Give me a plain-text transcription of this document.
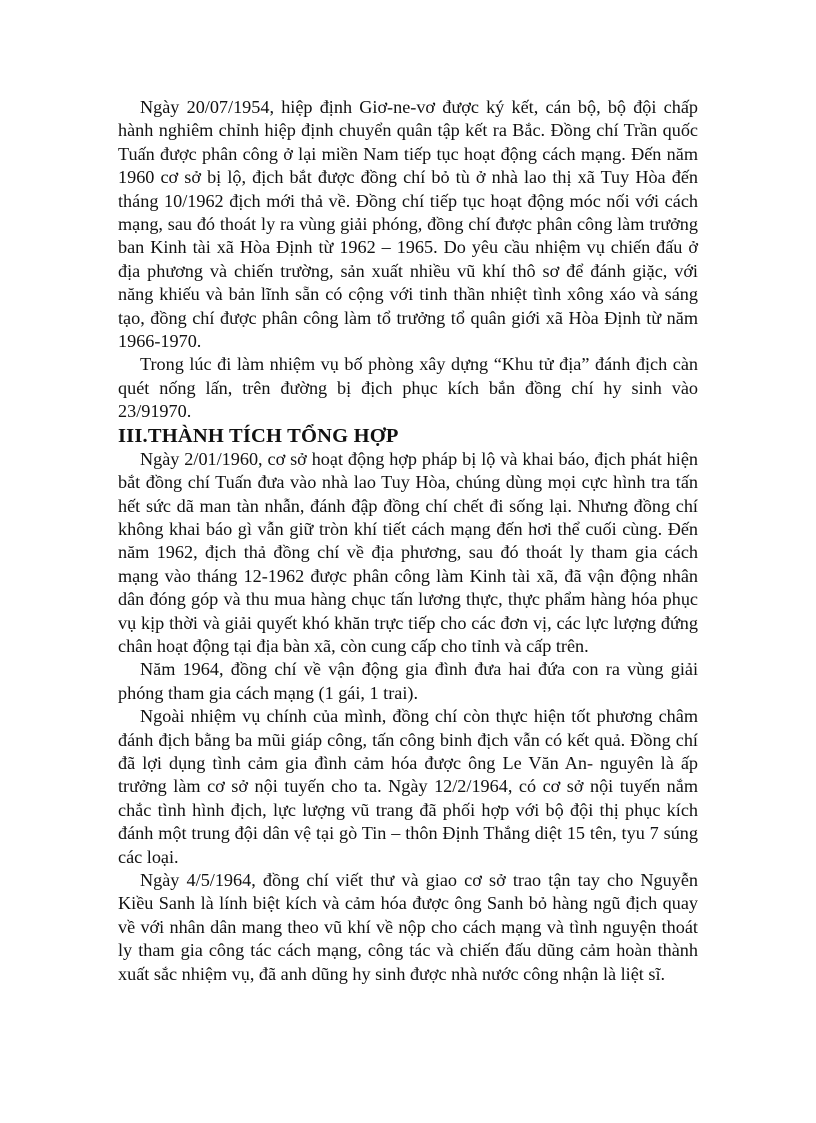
Ngày 20/07/1954, hiệp định Giơ-ne-vơ được ký kết, cán bộ, bộ đội chấp hành nghiêm chỉnh hiệp định chuyển quân tập kết ra Bắc. Đồng chí Trần quốc Tuấn được phân công ở lại miền Nam tiếp tục hoạt động cách mạng. Đến năm 1960 cơ sở bị lộ, địch bắt được đồng chí bỏ tù ở nhà lao thị xã Tuy Hòa đến tháng 10/1962 địch mới thả về. Đồng chí tiếp tục hoạt động móc nối với cách mạng, sau đó thoát ly ra vùng giải phóng, đồng chí được phân công làm trưởng ban Kinh tài xã Hòa Định từ 1962 – 1965. Do yêu cầu nhiệm vụ chiến đấu ở địa phương và chiến trường, sản xuất nhiều vũ khí thô sơ để đánh giặc, với năng khiếu và bản lĩnh sẵn có cộng với tinh thần nhiệt tình xông xáo và sáng tạo, đồng chí được phân công làm tổ trưởng tổ quân giới xã Hòa Định từ năm 1966-1970.

Trong lúc đi làm nhiệm vụ bố phòng xây dựng “Khu tử địa” đánh địch càn quét nống lấn, trên đường bị địch phục kích bắn đồng chí hy sinh vào 23/91970.

III.THÀNH TÍCH TỔNG HỢP

Ngày 2/01/1960, cơ sở hoạt động hợp pháp bị lộ và khai báo, địch phát hiện bắt đồng chí Tuấn đưa vào nhà lao Tuy Hòa, chúng dùng mọi cực hình tra tấn hết sức dã man tàn nhẫn, đánh đập đồng chí chết đi sống lại. Nhưng đồng chí không khai báo gì vẫn giữ tròn khí tiết cách mạng đến hơi thể cuối cùng. Đến năm 1962, địch thả đồng chí về địa phương, sau đó thoát ly tham gia cách mạng vào tháng 12-1962 được phân công làm Kinh tài xã, đã vận động nhân dân đóng góp và thu mua hàng chục tấn lương thực, thực phẩm hàng hóa phục vụ kịp thời và giải quyết khó khăn trực tiếp cho các đơn vị, các lực lượng đứng chân hoạt động tại địa bàn xã, còn cung cấp cho tỉnh và cấp trên.

Năm 1964, đồng chí về vận động gia đình đưa hai đứa con ra vùng giải phóng tham gia cách mạng (1 gái, 1 trai).

Ngoài nhiệm vụ chính của mình, đồng chí còn thực hiện tốt phương châm đánh địch bằng ba mũi giáp công, tấn công binh địch vẫn có kết quả. Đồng chí đã lợi dụng tình cảm gia đình cảm hóa được ông Le Văn An- nguyên là ấp trưởng làm cơ sở nội tuyến cho ta. Ngày 12/2/1964, có cơ sở nội tuyến nắm chắc tình hình địch, lực lượng vũ trang đã phối hợp với bộ đội thị phục kích đánh một trung đội dân vệ tại gò Tin – thôn Định Thắng diệt 15 tên, tyu 7 súng các loại.

Ngày 4/5/1964, đồng chí viết thư và giao cơ sở trao tận tay cho Nguyễn Kiều Sanh là lính biệt kích và cảm hóa được ông Sanh bỏ hàng ngũ địch quay về với nhân dân mang theo vũ khí về nộp cho cách mạng và tình nguyện thoát ly tham gia công tác cách mạng, công tác và chiến đấu dũng cảm hoàn thành xuất sắc nhiệm vụ, đã anh dũng hy sinh được nhà nước công nhận là liệt sĩ.
